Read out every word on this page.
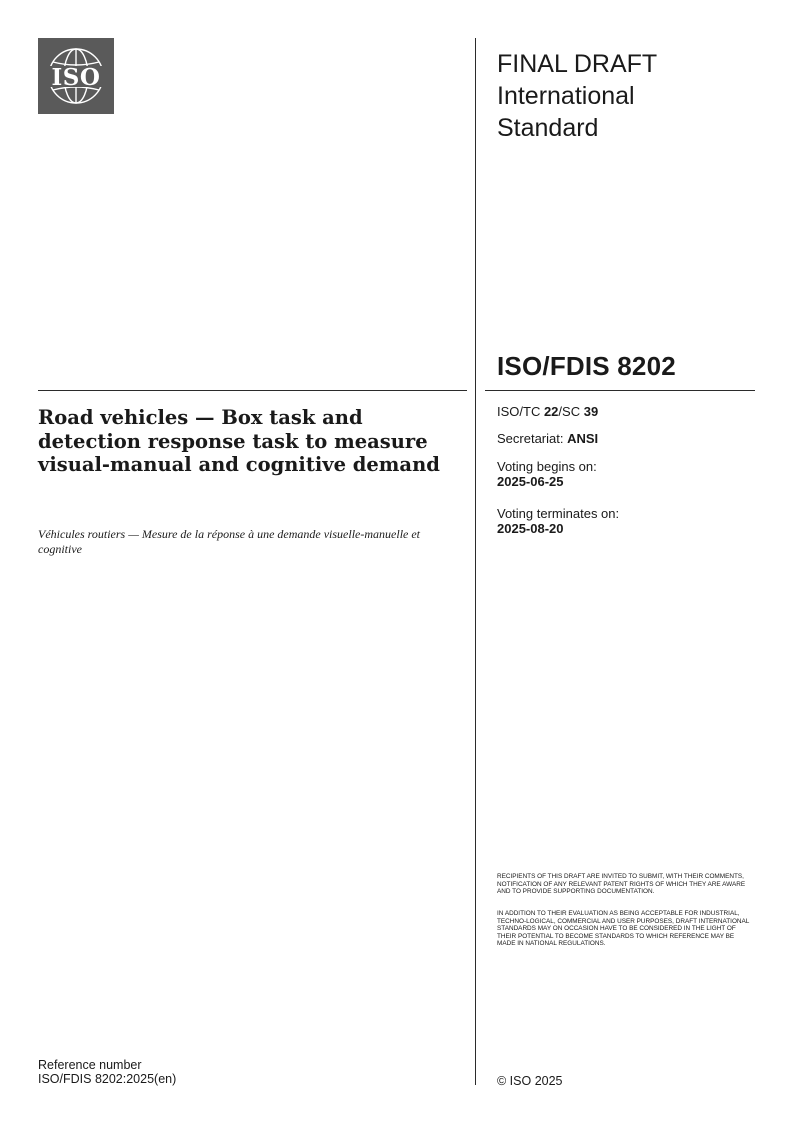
ISO	FINAL DRAFT
International
Standard
ISO/FDIS 8202
Road vehicles — Box task and detection response task to measure visual-manual and cognitive demand
Véhicules routiers — Mesure de la réponse à une demande visuelle-manuelle et cognitive
ISO/TC 22/SC 39
Secretariat: ANSI
Voting begins on:
2025-06-25
Voting terminates on:
2025-08-20
RECIPIENTS OF THIS DRAFT ARE INVITED TO SUBMIT, WITH THEIR COMMENTS, NOTIFICATION OF ANY RELEVANT PATENT RIGHTS OF WHICH THEY ARE AWARE AND TO PROVIDE SUPPORTING DOCUMENTATION.
IN ADDITION TO THEIR EVALUATION AS BEING ACCEPTABLE FOR INDUSTRIAL, TECHNO-LOGICAL, COMMERCIAL AND USER PURPOSES, DRAFT INTERNATIONAL STANDARDS MAY ON OCCASION HAVE TO BE CONSIDERED IN THE LIGHT OF THEIR POTENTIAL TO BECOME STANDARDS TO WHICH REFERENCE MAY BE MADE IN NATIONAL REGULATIONS.
Reference number
ISO/FDIS 8202:2025(en)	© ISO 2025
